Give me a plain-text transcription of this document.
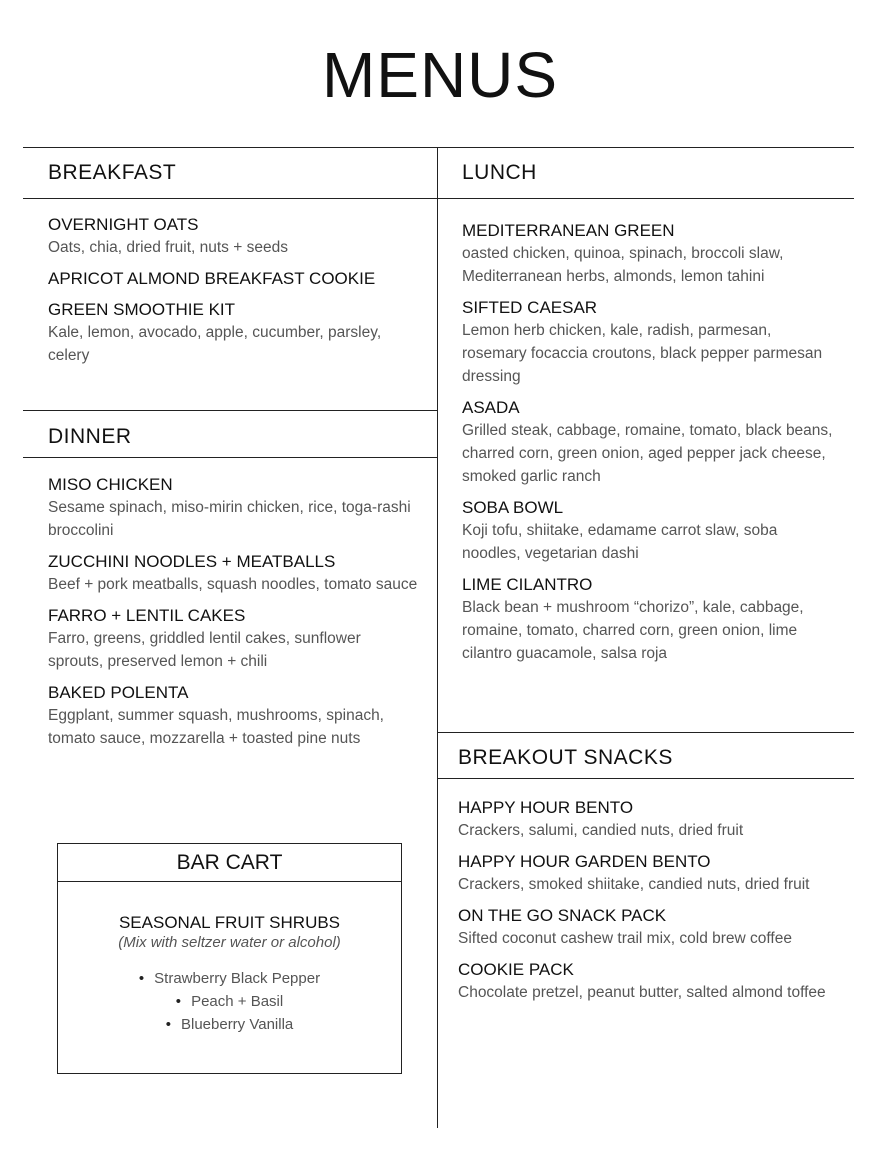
MENUS
BREAKFAST
OVERNIGHT OATS
Oats, chia, dried fruit, nuts + seeds
APRICOT ALMOND BREAKFAST COOKIE
GREEN SMOOTHIE KIT
Kale, lemon, avocado, apple, cucumber, parsley, celery
DINNER
MISO CHICKEN
Sesame spinach, miso-mirin chicken, rice, toga-rashi broccolini
ZUCCHINI NOODLES + MEATBALLS
Beef + pork meatballs, squash noodles, tomato sauce
FARRO + LENTIL CAKES
Farro, greens, griddled lentil cakes, sunflower sprouts, preserved lemon + chili
BAKED POLENTA
Eggplant, summer squash, mushrooms, spinach, tomato sauce, mozzarella + toasted pine nuts
LUNCH
MEDITERRANEAN GREEN
oasted chicken, quinoa, spinach, broccoli slaw, Mediterranean herbs, almonds, lemon tahini
SIFTED CAESAR
Lemon herb chicken, kale, radish, parmesan, rosemary focaccia croutons, black pepper parmesan dressing
ASADA
Grilled steak, cabbage, romaine, tomato, black beans, charred corn, green onion, aged pepper jack cheese, smoked garlic ranch
SOBA BOWL
Koji tofu, shiitake, edamame carrot slaw, soba noodles, vegetarian dashi
LIME CILANTRO
Black bean + mushroom “chorizo”, kale, cabbage, romaine, tomato, charred corn, green onion, lime cilantro guacamole, salsa roja
BREAKOUT SNACKS
HAPPY HOUR BENTO
Crackers, salumi, candied nuts, dried fruit
HAPPY HOUR GARDEN BENTO
Crackers, smoked shiitake, candied nuts, dried fruit
ON THE GO SNACK PACK
Sifted coconut cashew trail mix, cold brew coffee
COOKIE PACK
Chocolate pretzel, peanut butter, salted almond toffee
BAR CART
SEASONAL FRUIT SHRUBS
(Mix with seltzer water or alcohol)
• Strawberry Black Pepper
• Peach + Basil
• Blueberry Vanilla
